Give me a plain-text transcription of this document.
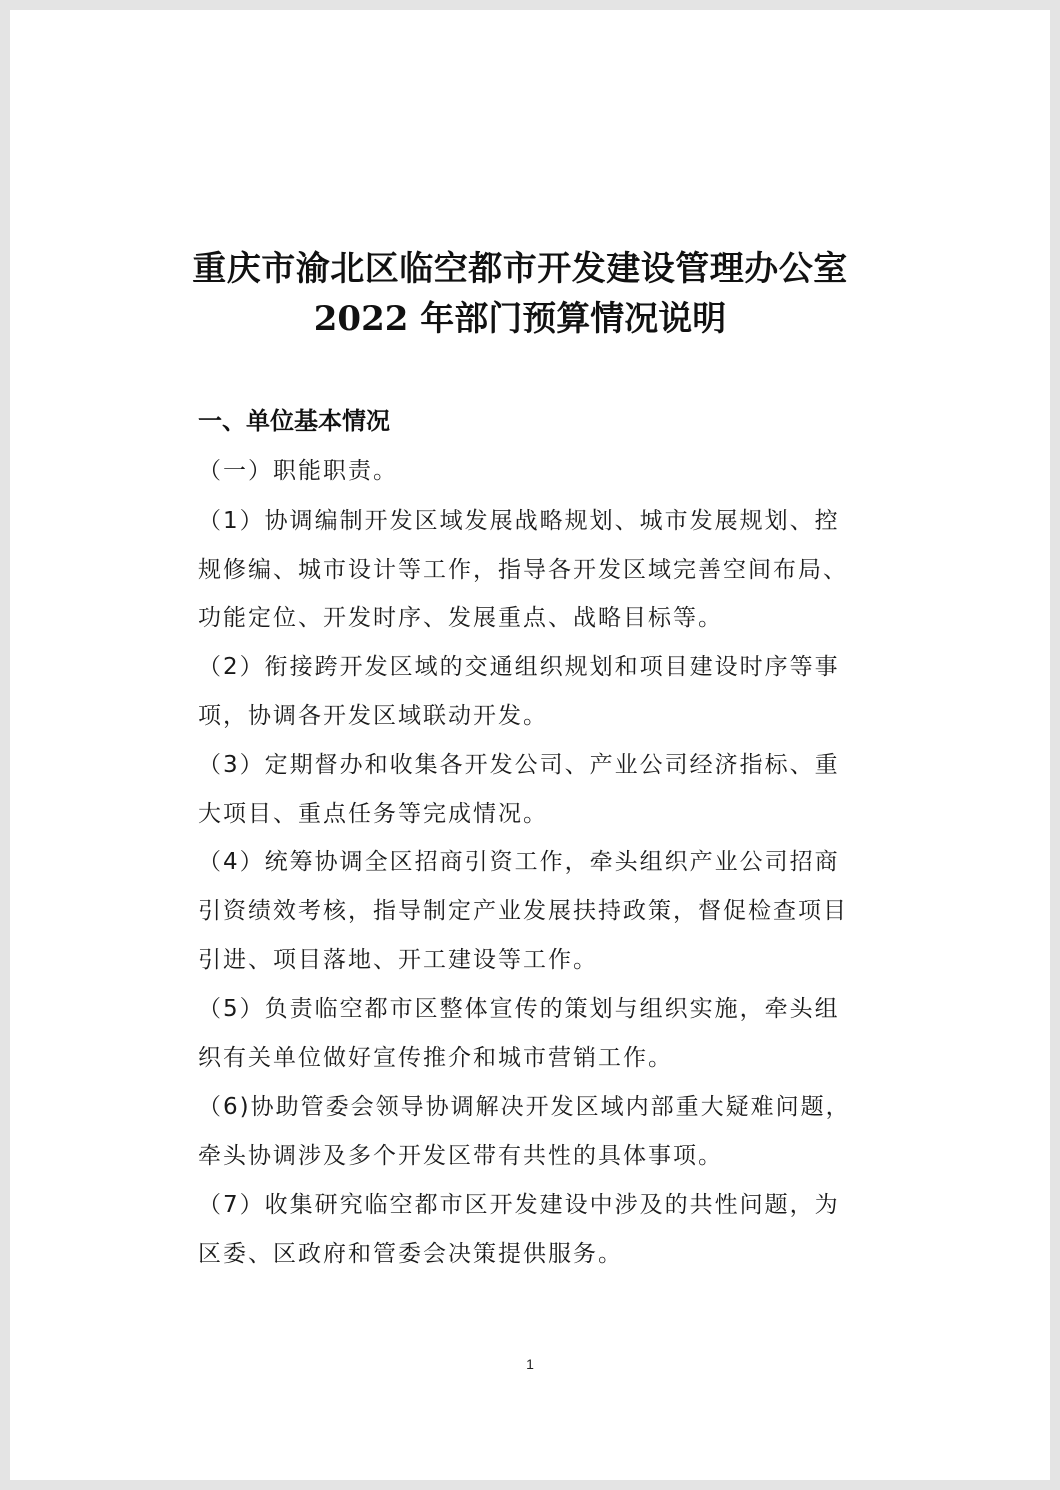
重庆市渝北区临空都市开发建设管理办公室
2022 年部门预算情况说明
一、单位基本情况
（一）职能职责。
（1）协调编制开发区域发展战略规划、城市发展规划、控
规修编、城市设计等工作，指导各开发区域完善空间布局、
功能定位、开发时序、发展重点、战略目标等。
（2）衔接跨开发区域的交通组织规划和项目建设时序等事
项，协调各开发区域联动开发。
（3）定期督办和收集各开发公司、产业公司经济指标、重
大项目、重点任务等完成情况。
（4）统筹协调全区招商引资工作，牵头组织产业公司招商
引资绩效考核，指导制定产业发展扶持政策，督促检查项目
引进、项目落地、开工建设等工作。
（5）负责临空都市区整体宣传的策划与组织实施，牵头组
织有关单位做好宣传推介和城市营销工作。
（6)协助管委会领导协调解决开发区域内部重大疑难问题，
牵头协调涉及多个开发区带有共性的具体事项。
（7）收集研究临空都市区开发建设中涉及的共性问题，为
区委、区政府和管委会决策提供服务。
1
